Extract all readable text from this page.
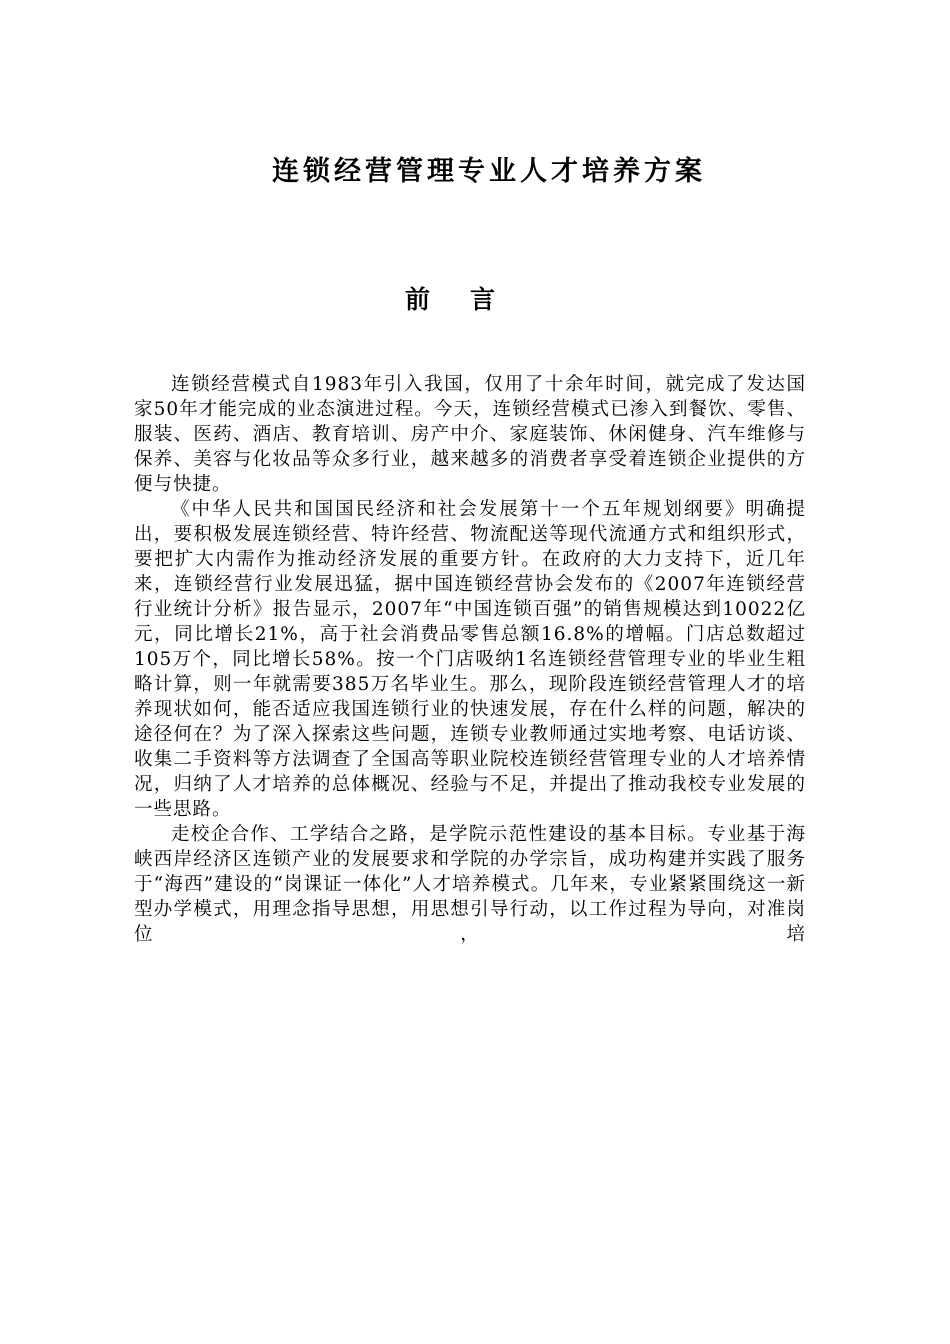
连锁经营管理专业人才培养方案
前言

连锁经营模式自1983年引入我国，仅用了十余年时间，就完成了发达国家50年才能完成的业态演进过程。今天，连锁经营模式已渗入到餐饮、零售、服装、医药、酒店、教育培训、房产中介、家庭装饰、休闲健身、汽车维修与保养、美容与化妆品等众多行业，越来越多的消费者享受着连锁企业提供的方便与快捷。

《中华人民共和国国民经济和社会发展第十一个五年规划纲要》明确提出，要积极发展连锁经营、特许经营、物流配送等现代流通方式和组织形式，要把扩大内需作为推动经济发展的重要方针。在政府的大力支持下，近几年来，连锁经营行业发展迅猛，据中国连锁经营协会发布的《2007年连锁经营行业统计分析》报告显示，2007年“中国连锁百强”的销售规模达到10022亿元，同比增长21%，高于社会消费品零售总额16.8%的增幅。门店总数超过105万个，同比增长58%。按一个门店吸纳1名连锁经营管理专业的毕业生粗略计算，则一年就需要385万名毕业生。那么，现阶段连锁经营管理人才的培养现状如何，能否适应我国连锁行业的快速发展，存在什么样的问题，解决的途径何在？为了深入探索这些问题，连锁专业教师通过实地考察、电话访谈、收集二手资料等方法调查了全国高等职业院校连锁经营管理专业的人才培养情况，归纳了人才培养的总体概况、经验与不足，并提出了推动我校专业发展的一些思路。

走校企合作、工学结合之路，是学院示范性建设的基本目标。专业基于海峡西岸经济区连锁产业的发展要求和学院的办学宗旨，成功构建并实践了服务于“海西”建设的“岗课证一体化”人才培养模式。几年来，专业紧紧围绕这一新型办学模式，用理念指导思想，用思想引导行动，以工作过程为导向，对准岗位，培
